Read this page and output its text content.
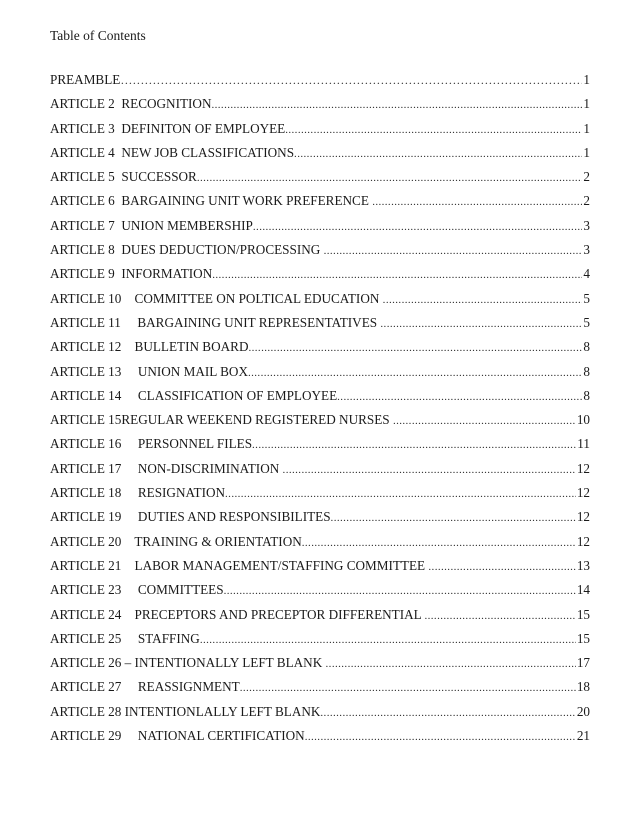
Table of Contents
PREAMBLE ……………………………………………………………………………………………………………………………………………………………………	1
ARTICLE 2  RECOGNITION .....	1
ARTICLE 3  DEFINITON OF EMPLOYEE .....	1
ARTICLE 4  NEW JOB CLASSIFICATIONS .....	1
ARTICLE 5  SUCCESSOR .....	2
ARTICLE 6  BARGAINING UNIT WORK PREFERENCE .....	2
ARTICLE 7  UNION MEMBERSHIP .....	3
ARTICLE 8  DUES DEDUCTION/PROCESSING .....	3
ARTICLE 9  INFORMATION .....	4
ARTICLE 10    COMMITTEE ON POLTICAL EDUCATION .....	5
ARTICLE 11     BARGAINING UNIT REPRESENTATIVES .....	5
ARTICLE 12    BULLETIN BOARD .....	8
ARTICLE 13     UNION MAIL BOX .....	8
ARTICLE 14     CLASSIFICATION OF EMPLOYEE .....	8
ARTICLE 15REGULAR WEEKEND REGISTERED NURSES .....	10
ARTICLE 16     PERSONNEL FILES .....	11
ARTICLE 17     NON-DISCRIMINATION .....	12
ARTICLE 18     RESIGNATION .....	12
ARTICLE 19     DUTIES AND RESPONSIBILITES .....	12
ARTICLE 20    TRAINING & ORIENTATION .....	12
ARTICLE 21    LABOR MANAGEMENT/STAFFING COMMITTEE .....	13
ARTICLE 23     COMMITTEES .....	14
ARTICLE 24    PRECEPTORS AND PRECEPTOR DIFFERENTIAL .....	15
ARTICLE 25     STAFFING .....	15
ARTICLE 26 – INTENTIONALLY LEFT BLANK .....	17
ARTICLE 27     REASSIGNMENT .....	18
ARTICLE 28 INTENTIONLALLY LEFT BLANK .....	20
ARTICLE 29     NATIONAL CERTIFICATION .....	21
